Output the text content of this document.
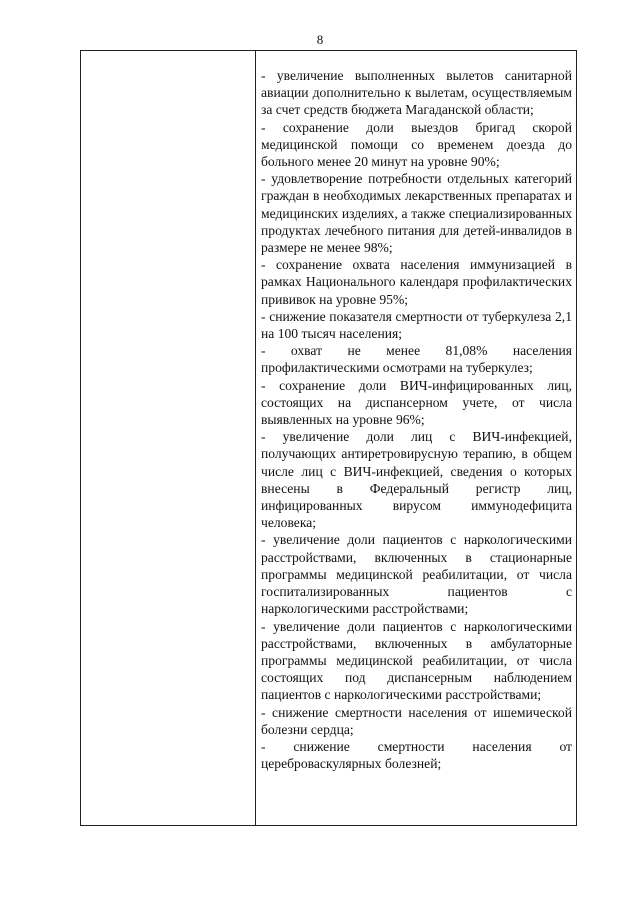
8

- увеличение выполненных вылетов санитарной авиации дополнительно к вылетам, осуществляемым за счет средств бюджета Магаданской области;

- сохранение доли выездов бригад скорой медицинской помощи со временем доезда до больного менее 20 минут на уровне 90%;

- удовлетворение потребности отдельных категорий граждан в необходимых лекарственных препаратах и медицинских изделиях, а также специализированных продуктах лечебного питания для детей-инвалидов в размере не менее 98%;

- сохранение охвата населения иммунизацией в рамках Национального календаря профилактических прививок на уровне 95%;

- снижение показателя смертности от туберкулеза 2,1 на 100 тысяч населения;

- охват не менее 81,08% населения профилактическими осмотрами на туберкулез;

- сохранение доли ВИЧ-инфицированных лиц, состоящих на диспансерном учете, от числа выявленных на уровне 96%;

- увеличение доли лиц с ВИЧ-инфекцией, получающих антиретровирусную терапию, в общем числе лиц с ВИЧ-инфекцией, сведения о которых внесены в Федеральный регистр лиц, инфицированных вирусом иммунодефицита человека;

- увеличение доли пациентов с наркологическими расстройствами, включенных в стационарные программы медицинской реабилитации, от числа госпитализированных пациентов с наркологическими расстройствами;

- увеличение доли пациентов с наркологическими расстройствами, включенных в амбулаторные программы медицинской реабилитации, от числа состоящих под диспансерным наблюдением пациентов с наркологическими расстройствами;

- снижение смертности населения от ишемической болезни сердца;

- снижение смертности населения от цереброваскулярных болезней;
